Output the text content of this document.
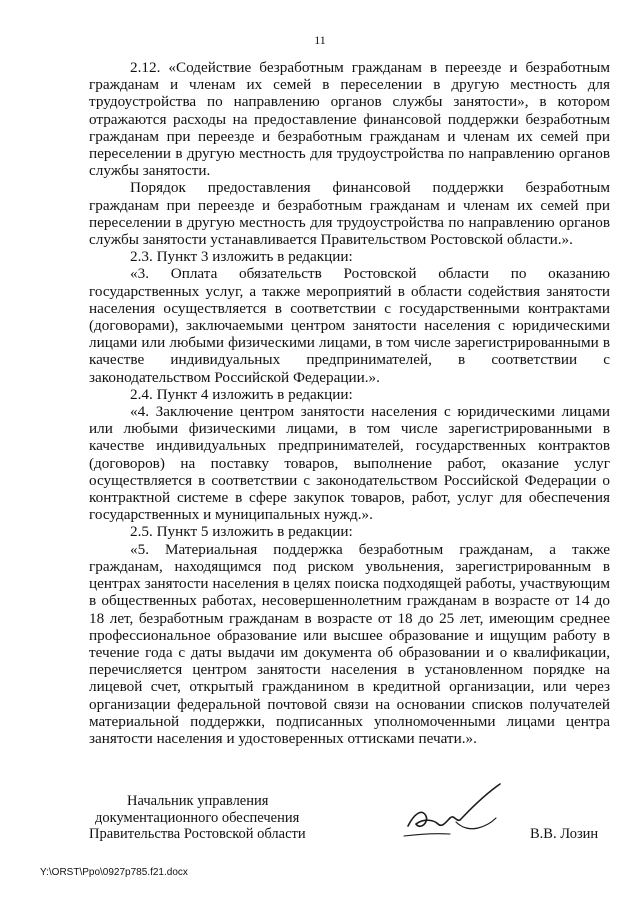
11

2.12. «Содействие безработным гражданам в переезде и безработным гражданам и членам их семей в переселении в другую местность для трудоустройства по направлению органов службы занятости», в котором отражаются расходы на предоставление финансовой поддержки безработным гражданам при переезде и безработным гражданам и членам их семей при переселении в другую местность для трудоустройства по направлению органов службы занятости.

Порядок предоставления финансовой поддержки безработным гражданам при переезде и безработным гражданам и членам их семей при переселении в другую местность для трудоустройства по направлению органов службы занятости устанавливается Правительством Ростовской области.».

2.3. Пункт 3 изложить в редакции:

«3. Оплата обязательств Ростовской области по оказанию государственных услуг, а также мероприятий в области содействия занятости населения осуществляется в соответствии с государственными контрактами (договорами), заключаемыми центром занятости населения с юридическими лицами или любыми физическими лицами, в том числе зарегистрированными в качестве индивидуальных предпринимателей, в соответствии с законодательством Российской Федерации.».

2.4. Пункт 4 изложить в редакции:

«4. Заключение центром занятости населения с юридическими лицами или любыми физическими лицами, в том числе зарегистрированными в качестве индивидуальных предпринимателей, государственных контрактов (договоров) на поставку товаров, выполнение работ, оказание услуг осуществляется в соответствии с законодательством Российской Федерации о контрактной системе в сфере закупок товаров, работ, услуг для обеспечения государственных и муниципальных нужд.».

2.5. Пункт 5 изложить в редакции:

«5. Материальная поддержка безработным гражданам, а также гражданам, находящимся под риском увольнения, зарегистрированным в центрах занятости населения в целях поиска подходящей работы, участвующим в общественных работах, несовершеннолетним гражданам в возрасте от 14 до 18 лет, безработным гражданам в возрасте от 18 до 25 лет, имеющим среднее профессиональное образование или высшее образование и ищущим работу в течение года с даты выдачи им документа об образовании и о квалификации, перечисляется центром занятости населения в установленном порядке на лицевой счет, открытый гражданином в кредитной организации, или через организации федеральной почтовой связи на основании списков получателей материальной поддержки, подписанных уполномоченными лицами центра занятости населения и удостоверенных оттисками печати.».

Начальник управления
документационного обеспечения
Правительства Ростовской области	В.В. Лозин
Y:\ORST\Ppo\0927p785.f21.docx
